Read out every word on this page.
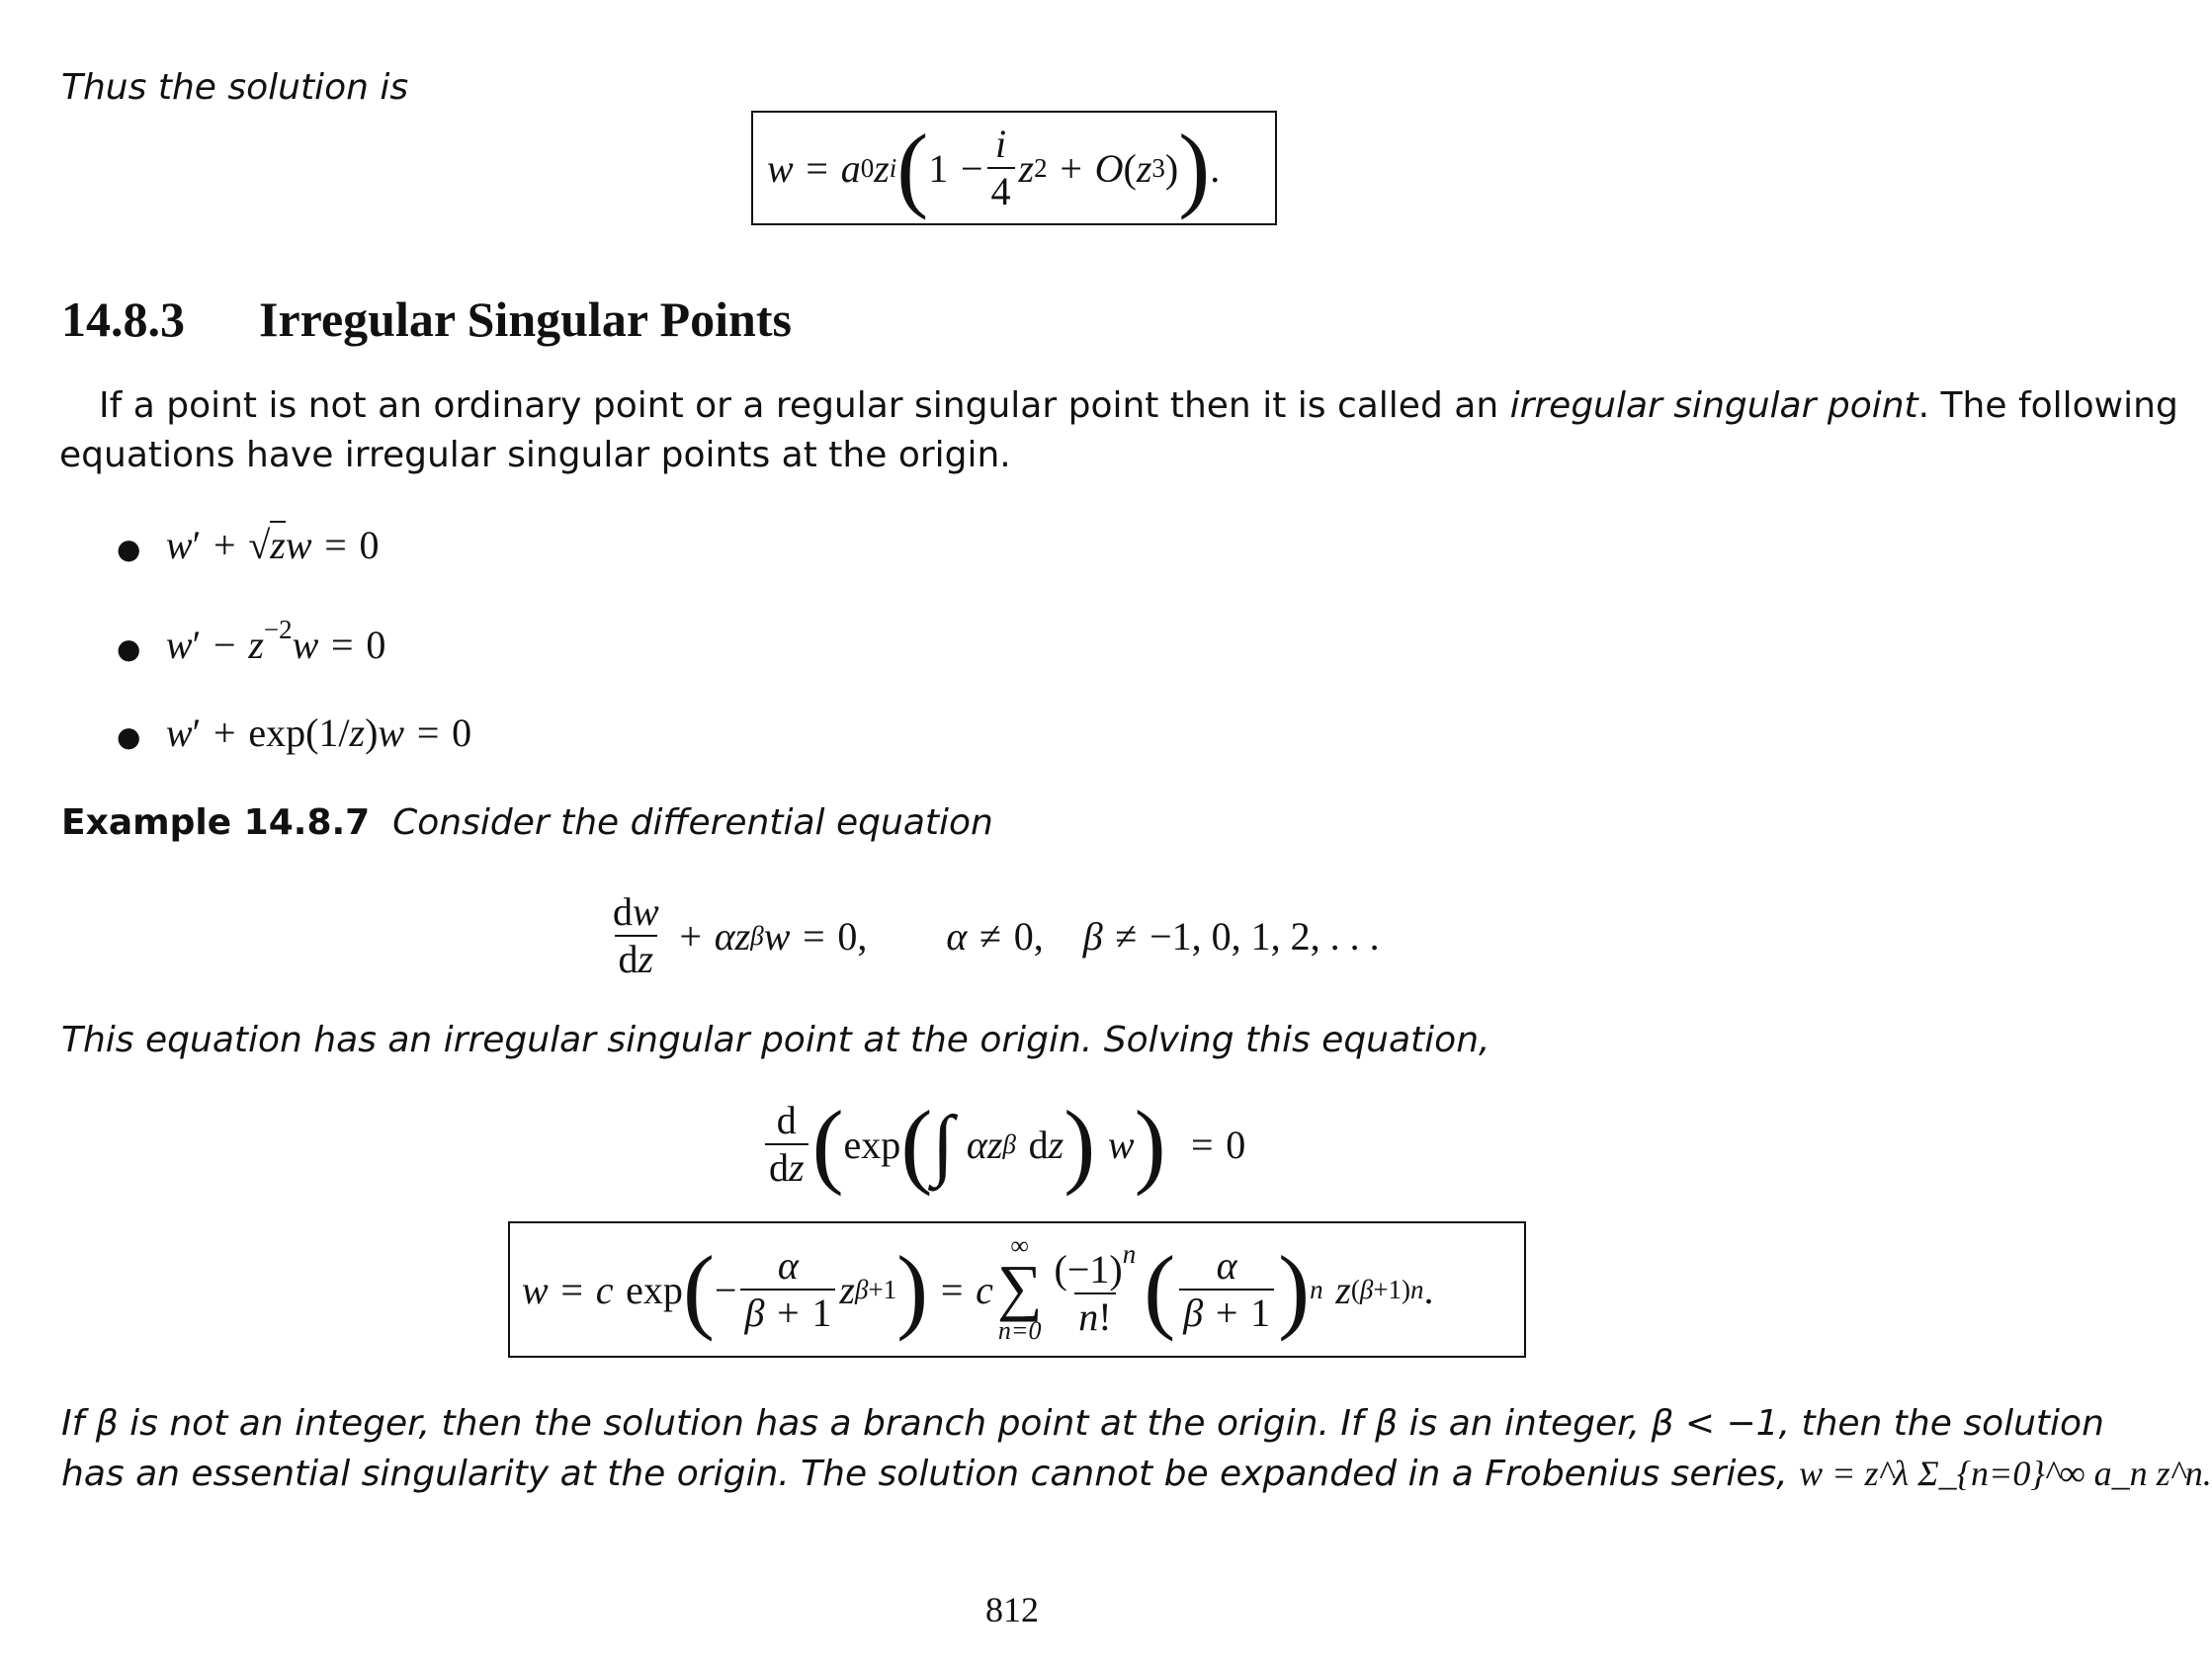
Thus the solution is
w
=
a 0 z i ( 1
− $\frac{i}{4}$ z 2
+
O ( z 3 ) ) .
14.8.3 Irregular Singular Points
If a point is not an ordinary point or a regular singular point then it is called an irregular singular point. The following
equations have irregular singular points at the origin.
● w′ + √zw = 0
● $w' - z^{-2}w = 0$
● w′ + exp(1/z)w = 0
Example 14.8.7 Consider the differential equation
$\frac{dw}{dz}$
+
αz β w
=
0, α
≠
0, β
≠
−1, 0, 1, 2, . . .
This equation has an irregular singular point at the origin. Solving this equation,
$\frac{d}{dz}$ ( exp ( ∫
αz β
d z )
w )
=
0
w
=
c
exp ( − $\frac{\alpha}{\beta + 1}$ z β+1 )
=
c
∞
∑
$n=0 \frac{(-1)^n}{n!}$ ( $\frac{\alpha}{\beta + 1}$ ) n
z (β+1)n .
If β is not an integer, then the solution has a branch point at the origin. If β is an integer, β < −1, then the solution
has an essential singularity at the origin. The solution cannot be expanded in a Frobenius series, w = z^λ Σ_{n=0}^∞ a_n z^n.
812
